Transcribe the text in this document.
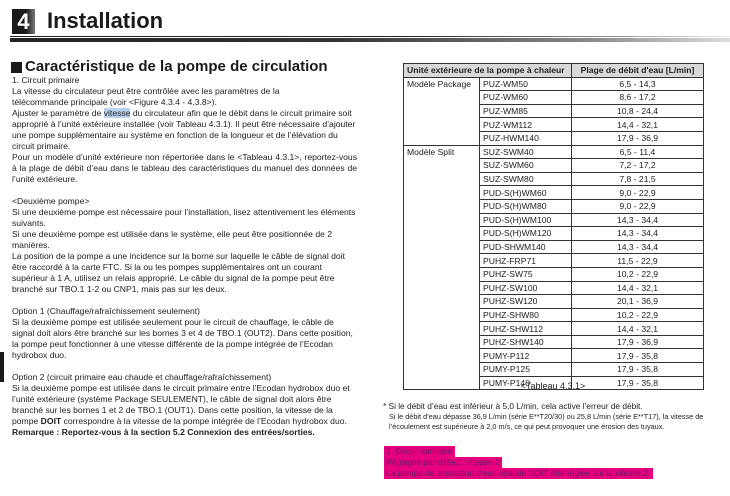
4 Installation
Caractéristique de la pompe de circulation

1. Circuit primaire

La vitesse du circulateur peut être contrôlée avec les paramètres de la

télécommande principale (voir <Figure 4.3.4 - 4.3.8>).

Ajuster le paramètre de vitesse du circulateur afin que le débit dans le circuit primaire soit approprié à l’unité extérieure installée (voir Tableau 4.3.1). Il peut être nécessaire d’ajouter une pompe supplémentaire au système en fonction de la longueur et de l’élévation du circuit primaire.

Pour un modèle d’unité extérieure non répertoriée dans le <Tableau 4.3.1>, reportez-vous à la plage de débit d’eau dans le tableau des caractéristiques du manuel des données de l’unité extérieure.

<Deuxième pompe>

Si une deuxième pompe est nécessaire pour l’installation, lisez attentivement les éléments suivants.

Si une deuxième pompe est utilisée dans le système, elle peut être positionnée de 2 manières.

La position de la pompe a une incidence sur la borne sur laquelle le câble de signal doit être raccordé à la carte FTC. Si la ou les pompes supplémentaires ont un courant supérieur à 1 A, utilisez un relais approprié. Le câble du signal de la pompe peut être branché sur TBO.1 1-2 ou CNP1, mais pas sur les deux.

Option 1 (Chauffage/rafraîchissement seulement)

Si la deuxième pompe est utilisée seulement pour le circuit de chauffage, le câble de signal doit alors être branché sur les bornes 3 et 4 de TBO.1 (OUT2). Dans cette position, la pompe peut fonctionner à une vitesse différente de la pompe intégrée de l’Ecodan hydrobox duo.

Option 2 (circuit primaire eau chaude et chauffage/rafraîchissement)

Si la deuxième pompe est utilisée dans le circuit primaire entre l’Ecodan hydrobox duo et l’unité extérieure (système Package SEULEMENT), le câble de signal doit alors être branché sur les bornes 1 et 2 de TBO.1 (OUT1). Dans cette position, la vitesse de la pompe DOIT correspondre à la vitesse de la pompe intégrée de l’Ecodan hydrobox duo.

Remarque : Reportez-vous à la section 5.2 Connexion des entrées/sorties.

Unité extérieure de la pompe à chaleur		Plage de débit d'eau [L/min]
Modèle Package	PUZ-WM50	6,5 - 14,3
	PUZ-WM60	8,6 - 17,2
	PUZ-WM85	10,8 - 24,4
	PUZ-WM112	14,4 - 32,1
	PUZ-HWM140	17,9 - 36,9
Modèle Split	SUZ-SWM40	6,5 - 11,4
	SUZ-SWM60	7,2 - 17,2
	SUZ-SWM80	7,8 - 21,5
	PUD-S(H)WM60	9,0 - 22,9
	PUD-S(H)WM80	9,0 - 22,9
	PUD-S(H)WM100	14,3 - 34,4
	PUD-S(H)WM120	14,3 - 34,4
	PUD-SHWM140	14,3 - 34,4
	PUHZ-FRP71	11,5 - 22,9
	PUHZ-SW75	10,2 - 22,9
	PUHZ-SW100	14,4 - 32,1
	PUHZ-SW120	20,1 - 36,9
	PUHZ-SHW80	10,2 - 22,9
	PUHZ-SHW112	14,4 - 32,1
	PUHZ-SHW140	17,9 - 36,9
	PUMY-P112	17,9 - 35,8
	PUMY-P125	17,9 - 35,8
	PUMY-P140	17,9 - 35,8
<Tableau 4.3.1>
* Si le débit d’eau est inférieur à 5,0 L/min, cela active l’erreur de débit.
Si le débit d’eau dépasse 36,9 L/min (série E**T20/30) ou 25,8 L/min (série E**T17), la vitesse de l’écoulement est supérieure à 2,0 m/s, ce qui peut provoquer une érosion des tuyaux.
2. Circuit sanitaire
Réglages par défaut: Vitesse 2
La pompe de circulation d’eau chaude DOIT être réglée sur la vitesse 2.
